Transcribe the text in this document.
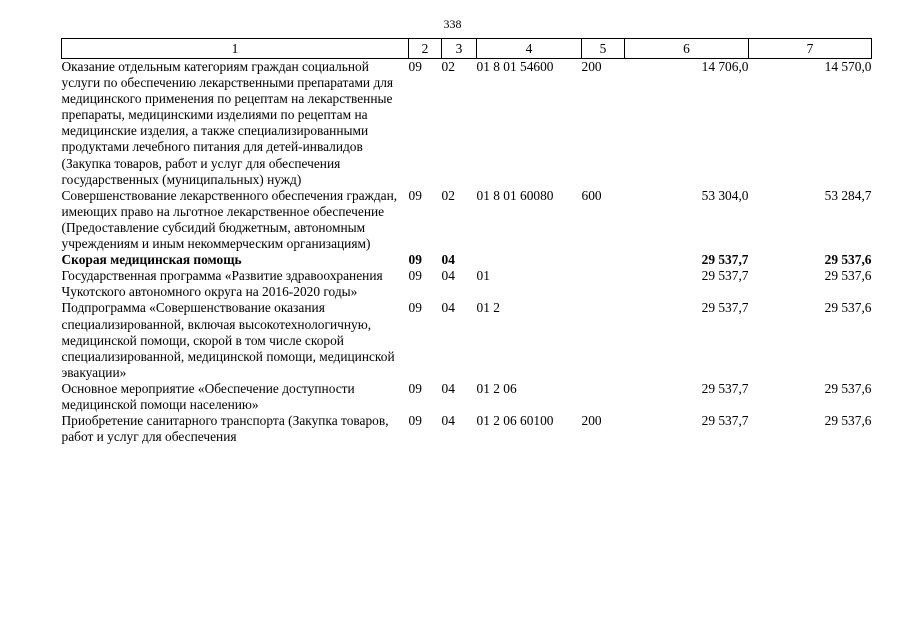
338
1	2	3	4	5	6	7
Оказание отдельным категориям граждан социальной услуги по обеспечению лекарственными препаратами для медицинского применения по рецептам на лекарственные препараты, медицинскими изделиями по рецептам на медицинские изделия, а также специализированными продуктами лечебного питания для детей-инвалидов (Закупка товаров, работ и услуг для обеспечения государственных (муниципальных) нужд)	09	02	01 8 01 54600	200	14 706,0	14 570,0
Совершенствование лекарственного обеспечения граждан, имеющих право на льготное лекарственное обеспечение (Предоставление субсидий бюджетным, автономным учреждениям и иным некоммерческим организациям)	09	02	01 8 01 60080	600	53 304,0	53 284,7
Скорая медицинская помощь	09	04			29 537,7	29 537,6
Государственная программа «Развитие здравоохранения Чукотского автономного округа на 2016-2020 годы»	09	04	01		29 537,7	29 537,6
Подпрограмма «Совершенствование оказания специализированной, включая высокотехнологичную, медицинской помощи, скорой в том числе скорой специализированной, медицинской помощи, медицинской эвакуации»	09	04	01 2		29 537,7	29 537,6
Основное мероприятие «Обеспечение доступности медицинской помощи населению»	09	04	01 2 06		29 537,7	29 537,6
Приобретение санитарного транспорта (Закупка товаров, работ и услуг для обеспечения	09	04	01 2 06 60100	200	29 537,7	29 537,6
